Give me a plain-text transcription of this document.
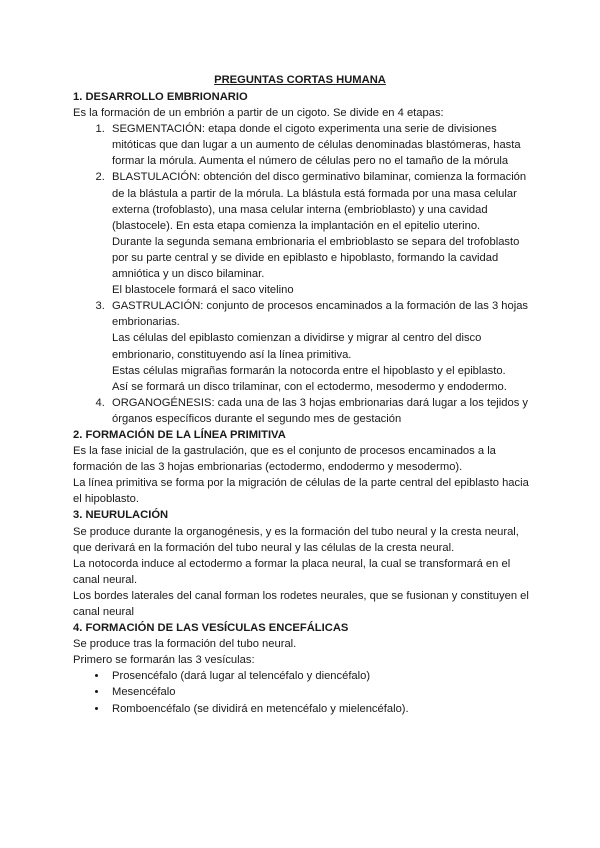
PREGUNTAS CORTAS HUMANA

1. DESARROLLO EMBRIONARIO

Es la formación de un embrión a partir de un cigoto. Se divide en 4 etapas:

1. SEGMENTACIÓN: etapa donde el cigoto experimenta una serie de divisiones mitóticas que dan lugar a un aumento de células denominadas blastómeras, hasta formar la mórula. Aumenta el número de células pero no el tamaño de la mórula
2. BLASTULACIÓN: obtención del disco germinativo bilaminar, comienza la formación de la blástula a partir de la mórula. La blástula está formada por una masa celular externa (trofoblasto), una masa celular interna (embrioblasto) y una cavidad (blastocele). En esta etapa comienza la implantación en el epitelio uterino.
Durante la segunda semana embrionaria el embrioblasto se separa del trofoblasto por su parte central y se divide en epiblasto e hipoblasto, formando la cavidad amniótica y un disco bilaminar.
El blastocele formará el saco vitelino
3. GASTRULACIÓN: conjunto de procesos encaminados a la formación de las 3 hojas embrionarias.
Las células del epiblasto comienzan a dividirse y migrar al centro del disco embrionario, constituyendo así la línea primitiva.
Estas células migrañas formarán la notocorda entre el hipoblasto y el epiblasto.
Así se formará un disco trilaminar, con el ectodermo, mesodermo y endodermo.
4. ORGANOGÉNESIS: cada una de las 3 hojas embrionarias dará lugar a los tejidos y órganos específicos durante el segundo mes de gestación

2. FORMACIÓN DE LA LÍNEA PRIMITIVA

Es la fase inicial de la gastrulación, que es el conjunto de procesos encaminados a la formación de las 3 hojas embrionarias (ectodermo, endodermo y mesodermo).

La línea primitiva se forma por la migración de células de la parte central del epiblasto hacia el hipoblasto.

3. NEURULACIÓN

Se produce durante la organogénesis, y es la formación del tubo neural y la cresta neural, que derivará en la formación del tubo neural y las células de la cresta neural.

La notocorda induce al ectodermo a formar la placa neural, la cual se transformará en el canal neural.

Los bordes laterales del canal forman los rodetes neurales, que se fusionan y constituyen el canal neural

4. FORMACIÓN DE LAS VESÍCULAS ENCEFÁLICAS

Se produce tras la formación del tubo neural.

Primero se formarán las 3 vesículas:

• Prosencéfalo (dará lugar al telencéfalo y diencéfalo)
• Mesencéfalo
• Romboencéfalo (se dividirá en metencéfalo y mielencéfalo).
